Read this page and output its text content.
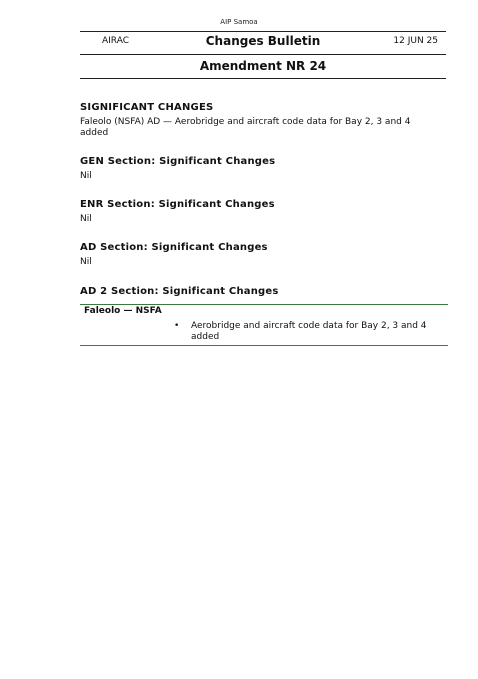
AIP Samoa
AIRAC	Changes Bulletin	12 JUN 25
Amendment NR 24
SIGNIFICANT CHANGES
Faleolo (NSFA) AD — Aerobridge and aircraft code data for Bay 2, 3 and 4 added
GEN Section: Significant Changes
Nil
ENR Section: Significant Changes
Nil
AD Section: Significant Changes
Nil
AD 2 Section: Significant Changes
Faleolo — NSFA
• Aerobridge and aircraft code data for Bay 2, 3 and 4 added
